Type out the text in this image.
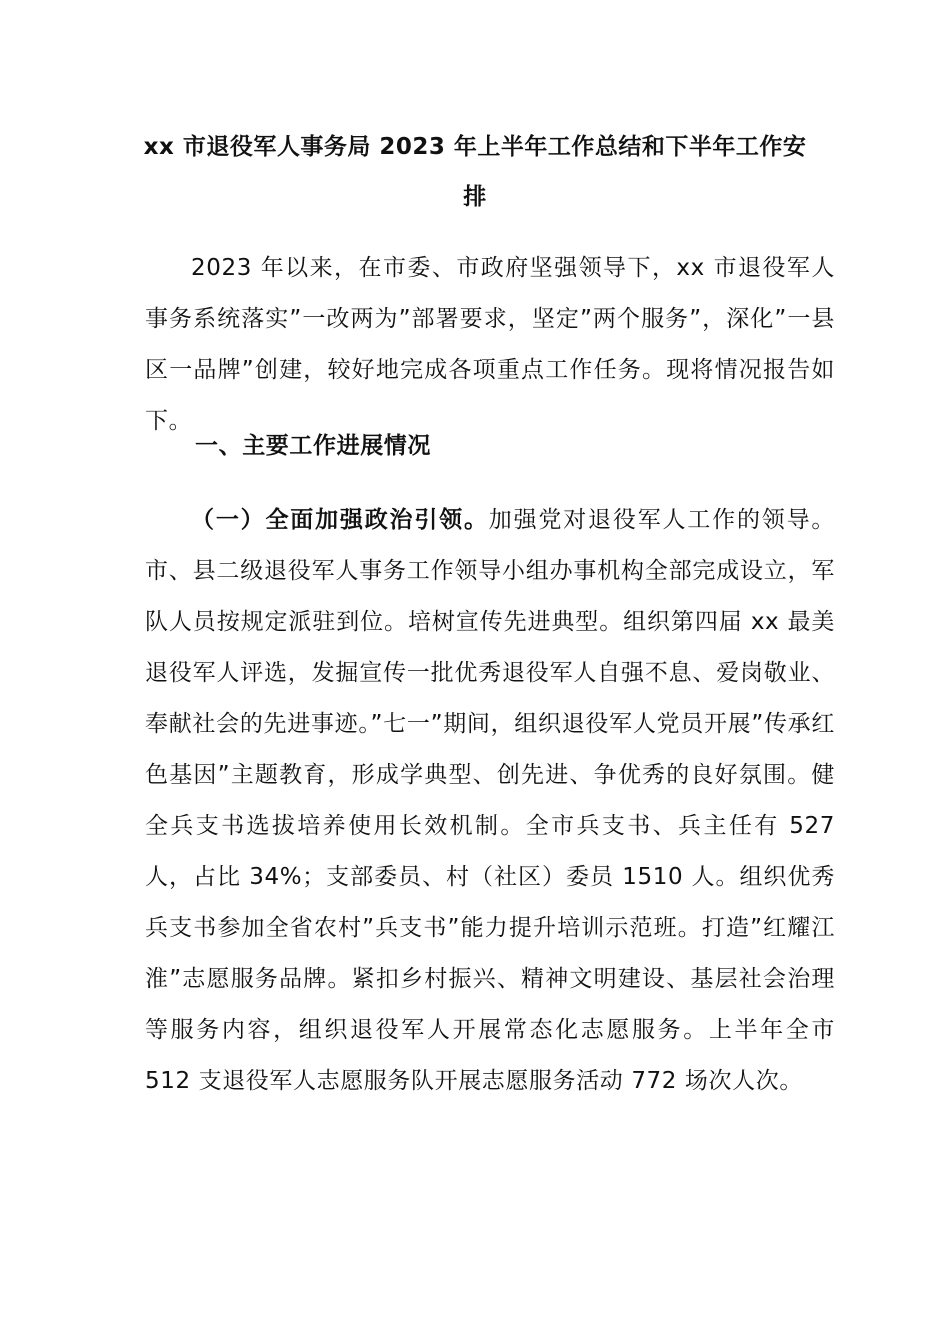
xx 市退役军人事务局 2023 年上半年工作总结和下半年工作安排

2023 年以来，在市委、市政府坚强领导下，xx 市退役军人事务系统落实”一改两为”部署要求，坚定”两个服务”，深化”一县区一品牌”创建，较好地完成各项重点工作任务。现将情况报告如下。

一、主要工作进展情况

（一）全面加强政治引领。加强党对退役军人工作的领导。市、县二级退役军人事务工作领导小组办事机构全部完成设立，军队人员按规定派驻到位。培树宣传先进典型。组织第四届 xx 最美退役军人评选，发掘宣传一批优秀退役军人自强不息、爱岗敬业、奉献社会的先进事迹。”七一”期间，组织退役军人党员开展”传承红色基因”主题教育，形成学典型、创先进、争优秀的良好氛围。健全兵支书选拔培养使用长效机制。全市兵支书、兵主任有 527 人，占比 34%；支部委员、村（社区）委员 1510 人。组织优秀兵支书参加全省农村”兵支书”能力提升培训示范班。打造”红耀江淮”志愿服务品牌。紧扣乡村振兴、精神文明建设、基层社会治理等服务内容，组织退役军人开展常态化志愿服务。上半年全市 512 支退役军人志愿服务队开展志愿服务活动 772 场次人次。
